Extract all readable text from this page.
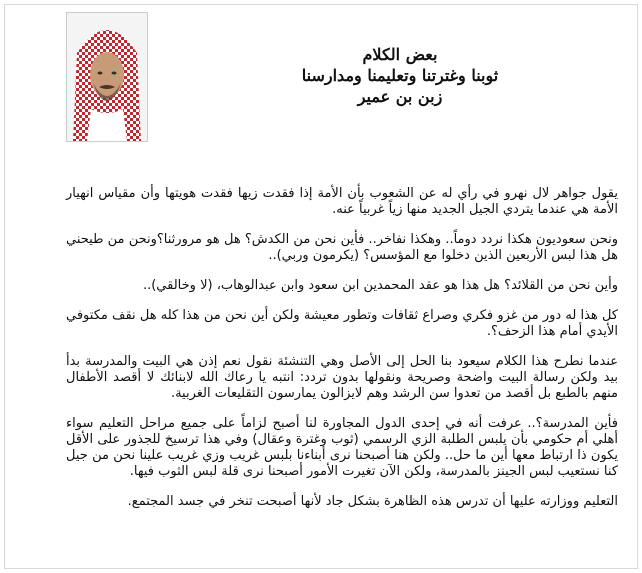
بعض الكلام
ثوبنا وغترتنا وتعليمنا ومدارسنا
زبن بن عمير

يقول جواهر لال نهرو في رأي له عن الشعوب بأن الأمة إذا فقدت زيها فقدت هويتها وأن مقياس انهيار الأمة هي عندما يتردي الجيل الجديد منها زياً غربياً عنه.

ونحن سعوديون هكذا نردد دوماً.. وهكذا نفاخر.. فأين نحن من الكدش؟ هل هو مرورثنا؟ونحن من طيحني هل هذا لبس الأربعين الذين دخلوا مع المؤسس؟ (يكرمون وربي)..

وأين نحن من القلائد؟ هل هذا هو عقد المحمدين ابن سعود وابن عبدالوهاب، (لا وخالقي)..

كل هذا له دور من غزو فكري وصراع ثقافات وتطور معيشة ولكن أين نحن من هذا كله هل نقف مكتوفي الأيدي أمام هذا الزحف؟.

عندما نطرح هذا الكلام سيعود بنا الحل إلى الأصل وهي التنشئة نقول نعم إذن هي البيت والمدرسة بدأ بيد ولكن رسالة البيت واضحة وصريحة ونقولها بدون تردد: انتبه يا رعاك الله لابنائك لا أقصد الأطفال منهم بالطبع بل أقصد من تعدوا سن الرشد وهم لايزالون يمارسون التقليعات الغربية.

فأين المدرسة؟.. عرفت أنه في إحدى الدول المجاورة لنا أصبح لزاماً على جميع مراحل التعليم سواء أهلي أم حكومي بأن يلبس الطلبة الزي الرسمي (ثوب وغترة وعقال) وفي هذا ترسيخ للجذور على الأقل يكون ذا ارتباط معها أين ما حل.. ولكن هنا أصبحنا نرى أبناءنا بلبس غريب وزي غريب علينا نحن من جيل كنا نستعيب لبس الجينز بالمدرسة، ولكن الآن تغيرت الأمور أصبحنا نرى قلة لبس الثوب فيها.

التعليم ووزارته عليها أن تدرس هذه الظاهرة بشكل جاد لأنها أصبحت تنخر في جسد المجتمع.
